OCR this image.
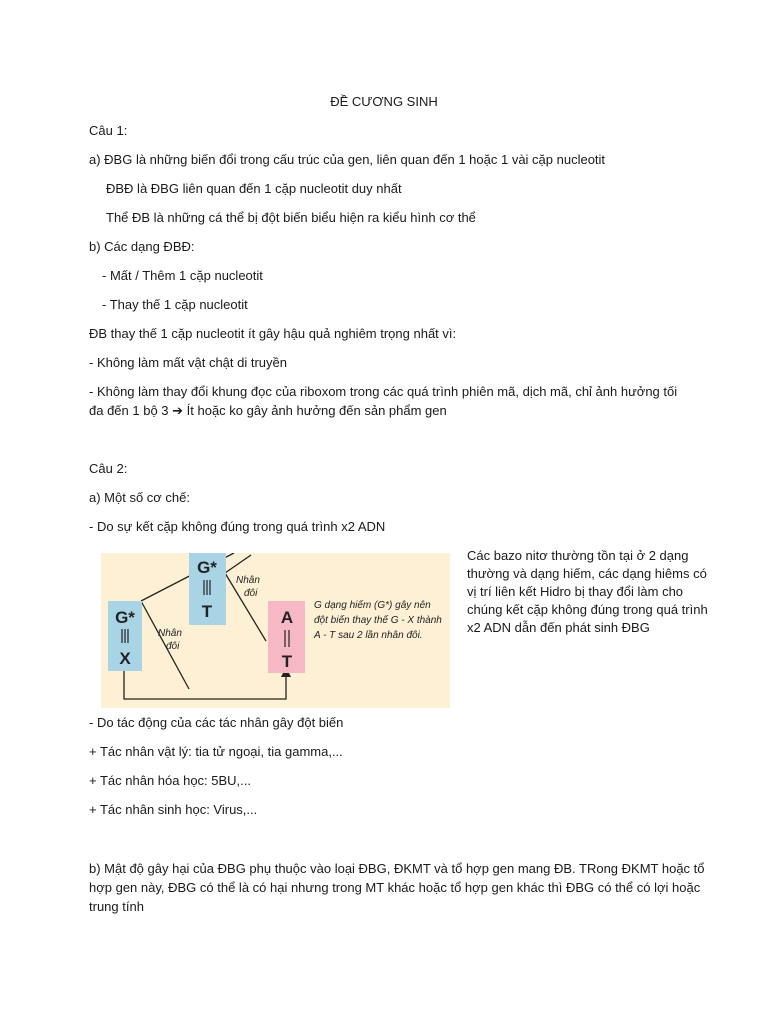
ĐỀ CƯƠNG SINH
Câu 1:
a) ĐBG là những biến đổi trong cấu trúc của gen, liên quan đến 1 hoặc 1 vài cặp nucleotit
ĐBĐ là ĐBG liên quan đến 1 cặp nucleotit duy nhất
Thể ĐB là những cá thể bị đột biến biểu hiện ra kiểu hình cơ thể
b) Các dạng ĐBĐ:
- Mất / Thêm 1 cặp nucleotit
- Thay thế 1 cặp nucleotit
ĐB thay thế 1 cặp nucleotit ít gây hậu quả nghiêm trọng nhất vì:
- Không làm mất vật chật di truyền
- Không làm thay đổi khung đọc của riboxom trong các quá trình phiên mã, dịch mã, chỉ ảnh hưởng tối
đa đến 1 bộ 3 ➔ Ít hoặc ko gây ảnh hưởng đến sản phẩm gen
Câu 2:
a) Một số cơ chế:
- Do sự kết cặp không đúng trong quá trình x2 ADN
G*
X
G*
T	A
T
Nhân
đôi
Nhân
đôi
G dạng hiếm (G*) gây nên
đột biến thay thế G - X thành
A - T sau 2 lần nhân đôi.
Các bazo nitơ thường tồn tại ở 2 dạng thường và dạng hiếm, các dạng hiêms có vị trí liên kết Hidro bị thay đổi làm cho chúng kết cặp không đúng trong quá trình x2 ADN dẫn đến phát sinh ĐBG
- Do tác động của các tác nhân gây đột biến
+ Tác nhân vật lý: tia tử ngoại, tia gamma,...
+ Tác nhân hóa học: 5BU,...
+ Tác nhân sinh học: Virus,...
b) Mật độ gây hại của ĐBG phụ thuộc vào loại ĐBG, ĐKMT và tổ hợp gen mang ĐB. TRong ĐKMT hoặc tổ
hợp gen này, ĐBG có thể là có hại nhưng trong MT khác hoặc tổ hợp gen khác thì ĐBG có thể có lợi hoặc
trung tính
